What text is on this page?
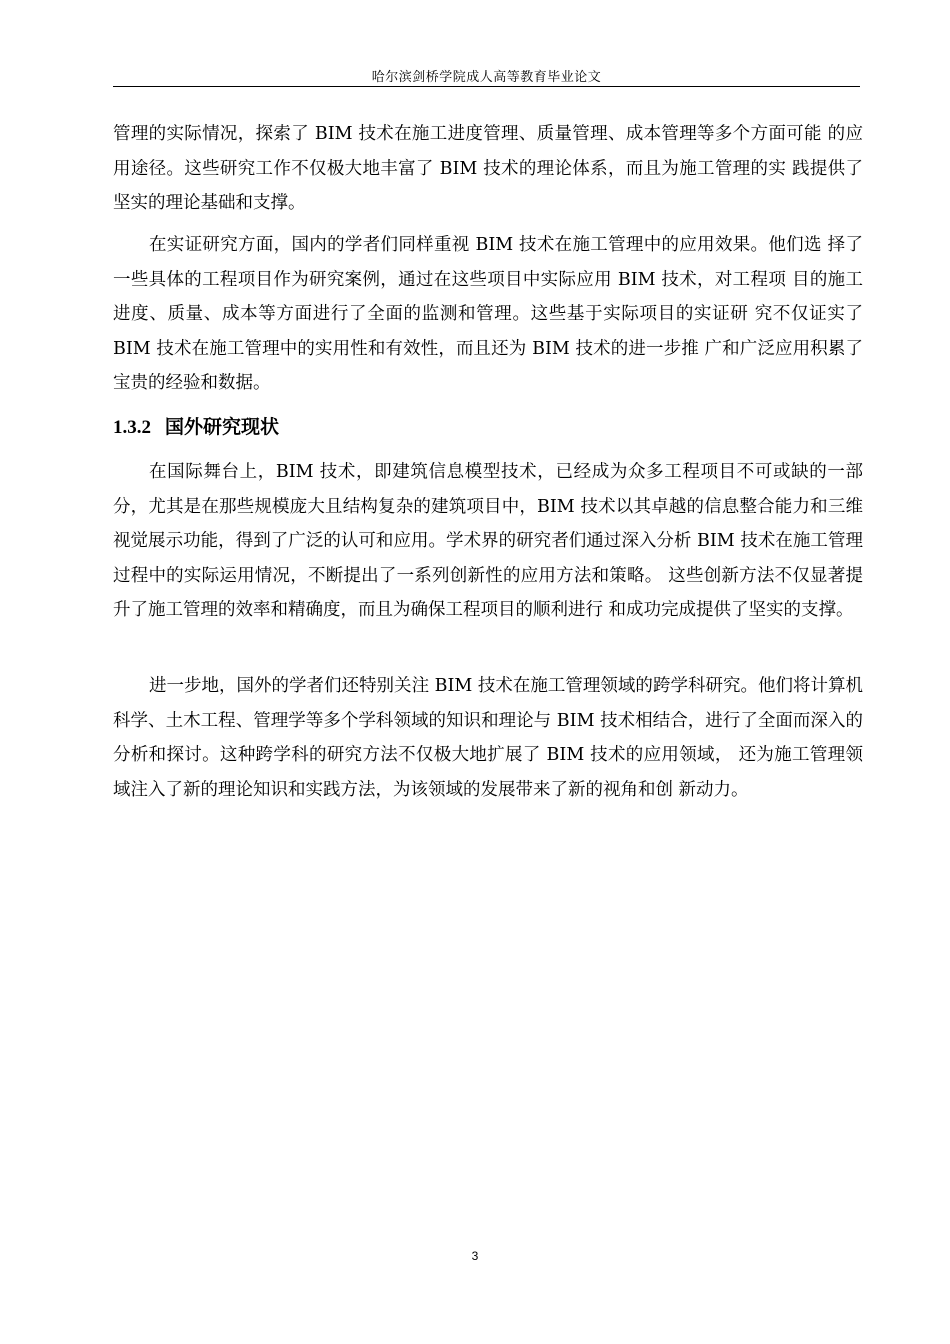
哈尔滨剑桥学院成人高等教育毕业论文

管理的实际情况，探索了 BIM 技术在施工进度管理、质量管理、成本管理等多个方面可能 的应用途径。这些研究工作不仅极大地丰富了 BIM 技术的理论体系，而且为施工管理的实 践提供了坚实的理论基础和支撑。

在实证研究方面，国内的学者们同样重视 BIM 技术在施工管理中的应用效果。他们选 择了一些具体的工程项目作为研究案例，通过在这些项目中实际应用 BIM 技术，对工程项 目的施工进度、质量、成本等方面进行了全面的监测和管理。这些基于实际项目的实证研 究不仅证实了 BIM 技术在施工管理中的实用性和有效性，而且还为 BIM 技术的进一步推 广和广泛应用积累了宝贵的经验和数据。

1.3.2 国外研究现状

在国际舞台上，BIM 技术，即建筑信息模型技术，已经成为众多工程项目不可或缺的一部分，尤其是在那些规模庞大且结构复杂的建筑项目中，BIM 技术以其卓越的信息整合能力和三维视觉展示功能，得到了广泛的认可和应用。学术界的研究者们通过深入分析 BIM 技术在施工管理过程中的实际运用情况，不断提出了一系列创新性的应用方法和策略。 这些创新方法不仅显著提升了施工管理的效率和精确度，而且为确保工程项目的顺利进行 和成功完成提供了坚实的支撑。

进一步地，国外的学者们还特别关注 BIM 技术在施工管理领域的跨学科研究。他们将计算机科学、土木工程、管理学等多个学科领域的知识和理论与 BIM 技术相结合，进行了全面而深入的分析和探讨。这种跨学科的研究方法不仅极大地扩展了 BIM 技术的应用领域， 还为施工管理领域注入了新的理论知识和实践方法，为该领域的发展带来了新的视角和创 新动力。

3
